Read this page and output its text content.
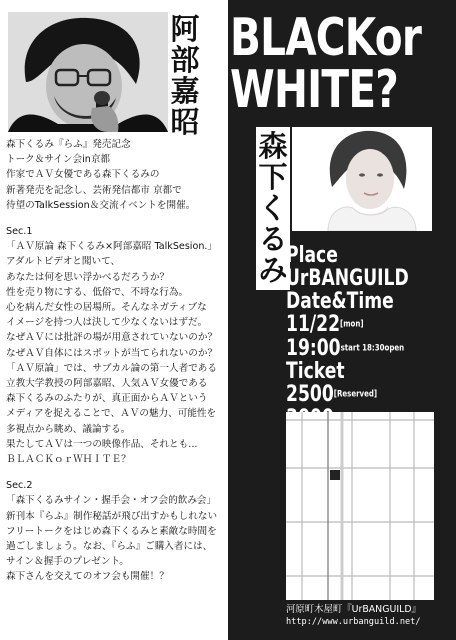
BLACKor
WHITE?
阿部嘉昭
森下くるみ
森下くるみ『らふ』発売記念
トーク＆サイン会in京都
作家でＡＶ女優である森下くるみの
新著発売を記念し、芸術発信都市 京都で
待望のTalkSession＆交流イベントを開催。
Sec.1
「ＡＶ原論 森下くるみ×阿部嘉昭 TalkSesion.」
アダルトビデオと聞いて、
あなたは何を思い浮かべるだろうか？
性を売り物にする、低俗で、不埒な行為。
心を病んだ女性の居場所。そんなネガティブな
イメージを持つ人は決して少なくないはずだ。
なぜＡＶには批評の場が用意されていないのか？
なぜＡＶ自体にはスポットが当てられないのか？
「ＡＶ原論」では、サブカル論の第一人者である
立教大学教授の阿部嘉昭、人気ＡＶ女優である
森下くるみのふたりが、真正面からＡＶという
メディアを捉えることで、ＡＶの魅力、可能性を
多視点から眺め、議論する。
果たしてＡＶは一つの映像作品、それとも...
ＢＬＡＣＫｏｒＷＨＩＴＥ？
Sec.2
「森下くるみサイン・握手会・オフ会的飲み会」
新刊本『らふ』制作秘話が飛び出すかもしれない
フリートークをはじめ森下くるみと素敵な時間を
過ごしましょう。なお、『らふ』ご購入者には、
サイン＆握手のプレゼント。
森下さんを交えてのオフ会も開催！？
Place
UrBANGUILD
Date&Time
11/22[mon]
19:00start 18:30open
Ticket
2500[Reserved]
河原町木屋町『UrBANGUILD』
http://www.urbanguild.net/
